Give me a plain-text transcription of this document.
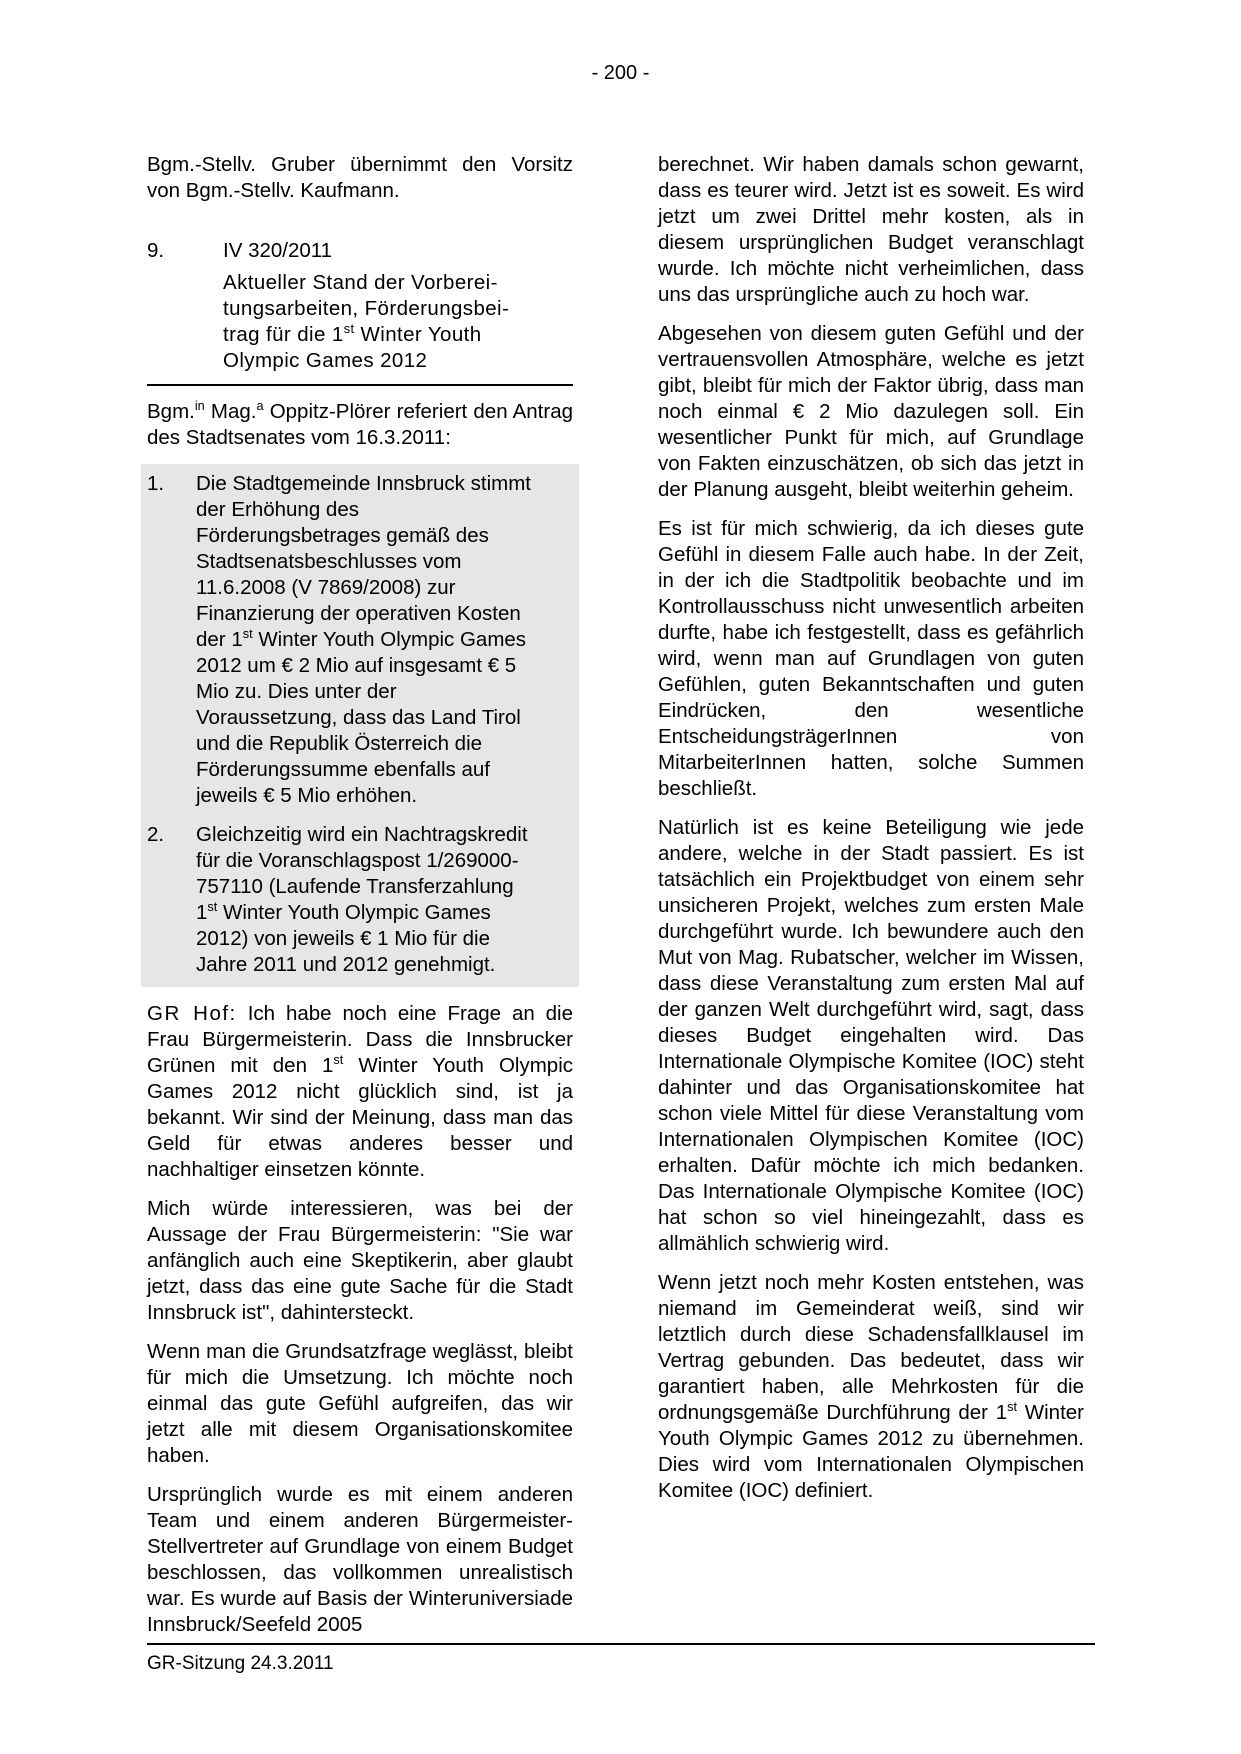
- 200 -

Bgm.-Stellv. Gruber übernimmt den Vorsitz von Bgm.-Stellv. Kaufmann.

9.	IV 320/2011
Aktueller Stand der Vorberei-
tungsarbeiten, Förderungsbei-
trag für die 1st Winter Youth
Olympic Games 2012

Bgm.$^{in}$ Mag.$^a$ Oppitz-Plörer referiert den Antrag des Stadtsenates vom 16.3.2011:

1.	Die Stadtgemeinde Innsbruck stimmt der Erhöhung des Förderungsbetrages gemäß des Stadtsenatsbeschlusses vom 11.6.2008 (V 7869/2008) zur Finanzierung der operativen Kosten der 1st Winter Youth Olympic Games 2012 um € 2 Mio auf insgesamt € 5 Mio zu. Dies unter der Voraussetzung, dass das Land Tirol und die Republik Österreich die Förderungssumme ebenfalls auf jeweils € 5 Mio erhöhen.
2.	Gleichzeitig wird ein Nachtragskredit für die Voranschlagspost 1/269000-757110 (Laufende Transferzahlung 1st Winter Youth Olympic Games 2012) von jeweils € 1 Mio für die Jahre 2011 und 2012 genehmigt.

GR Hof: Ich habe noch eine Frage an die Frau Bürgermeisterin. Dass die Innsbrucker Grünen mit den 1st Winter Youth Olympic Games 2012 nicht glücklich sind, ist ja bekannt. Wir sind der Meinung, dass man das Geld für etwas anderes besser und nachhaltiger einsetzen könnte.

Mich würde interessieren, was bei der Aussage der Frau Bürgermeisterin: "Sie war anfänglich auch eine Skeptikerin, aber glaubt jetzt, dass das eine gute Sache für die Stadt Innsbruck ist", dahintersteckt.

Wenn man die Grundsatzfrage weglässt, bleibt für mich die Umsetzung. Ich möchte noch einmal das gute Gefühl aufgreifen, das wir jetzt alle mit diesem Organisationskomitee haben.

Ursprünglich wurde es mit einem anderen Team und einem anderen Bürgermeister-Stellvertreter auf Grundlage von einem Budget beschlossen, das vollkommen unrealistisch war. Es wurde auf Basis der Winteruniversiade Innsbruck/Seefeld 2005

berechnet. Wir haben damals schon gewarnt, dass es teurer wird. Jetzt ist es soweit. Es wird jetzt um zwei Drittel mehr kosten, als in diesem ursprünglichen Budget veranschlagt wurde. Ich möchte nicht verheimlichen, dass uns das ursprüngliche auch zu hoch war.

Abgesehen von diesem guten Gefühl und der vertrauensvollen Atmosphäre, welche es jetzt gibt, bleibt für mich der Faktor übrig, dass man noch einmal € 2 Mio dazulegen soll. Ein wesentlicher Punkt für mich, auf Grundlage von Fakten einzuschätzen, ob sich das jetzt in der Planung ausgeht, bleibt weiterhin geheim.

Es ist für mich schwierig, da ich dieses gute Gefühl in diesem Falle auch habe. In der Zeit, in der ich die Stadtpolitik beobachte und im Kontrollausschuss nicht unwesentlich arbeiten durfte, habe ich festgestellt, dass es gefährlich wird, wenn man auf Grundlagen von guten Gefühlen, guten Bekanntschaften und guten Eindrücken, den wesentliche EntscheidungsträgerInnen von MitarbeiterInnen hatten, solche Summen beschließt.

Natürlich ist es keine Beteiligung wie jede andere, welche in der Stadt passiert. Es ist tatsächlich ein Projektbudget von einem sehr unsicheren Projekt, welches zum ersten Male durchgeführt wurde. Ich bewundere auch den Mut von Mag. Rubatscher, welcher im Wissen, dass diese Veranstaltung zum ersten Mal auf der ganzen Welt durchgeführt wird, sagt, dass dieses Budget eingehalten wird. Das Internationale Olympische Komitee (IOC) steht dahinter und das Organisationskomitee hat schon viele Mittel für diese Veranstaltung vom Internationalen Olympischen Komitee (IOC) erhalten. Dafür möchte ich mich bedanken. Das Internationale Olympische Komitee (IOC) hat schon so viel hineingezahlt, dass es allmählich schwierig wird.

Wenn jetzt noch mehr Kosten entstehen, was niemand im Gemeinderat weiß, sind wir letztlich durch diese Schadensfallklausel im Vertrag gebunden. Das bedeutet, dass wir garantiert haben, alle Mehrkosten für die ordnungsgemäße Durchführung der 1st Winter Youth Olympic Games 2012 zu übernehmen. Dies wird vom Internationalen Olympischen Komitee (IOC) definiert.

GR-Sitzung 24.3.2011
